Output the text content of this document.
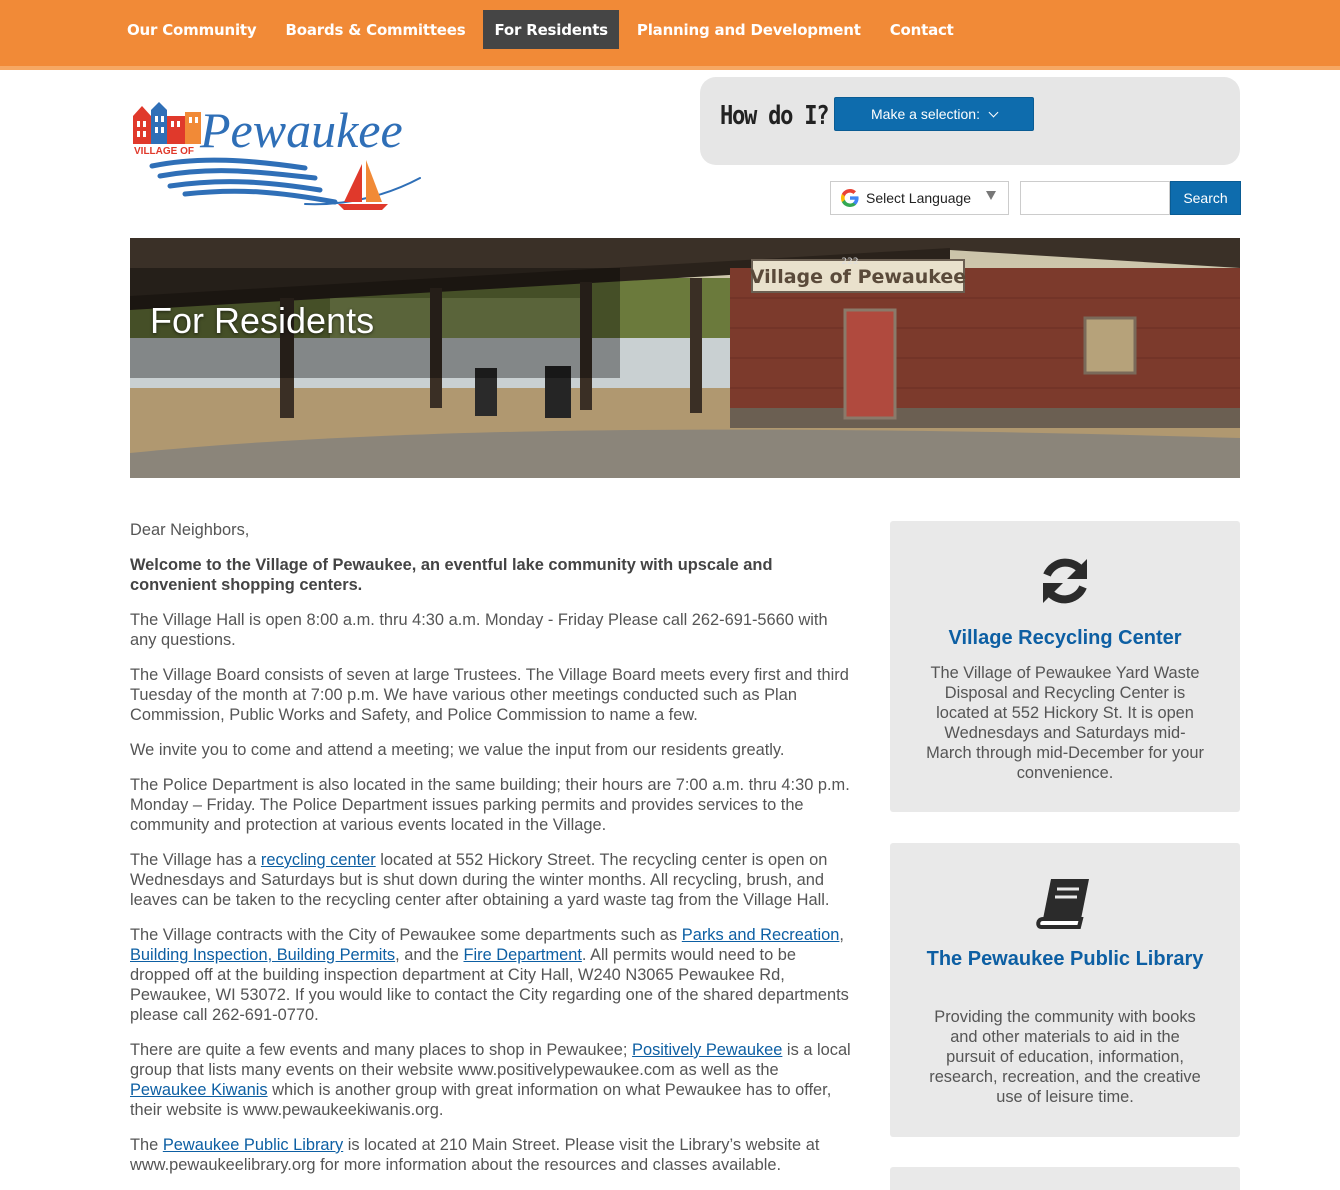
Our Community	Boards & Committees	For Residents	Planning and Development	Contact
VILLAGE OF Pewaukee	How do I?	Make a selection:
Select Language	Search
Village of Pewaukee
222
For Residents

Dear Neighbors,

Welcome to the Village of Pewaukee, an eventful lake community with upscale and convenient shopping centers.

The Village Hall is open 8:00 a.m. thru 4:30 a.m. Monday - Friday Please call 262-691-5660 with any questions.

The Village Board consists of seven at large Trustees. The Village Board meets every first and third Tuesday of the month at 7:00 p.m. We have various other meetings conducted such as Plan Commission, Public Works and Safety, and Police Commission to name a few.

We invite you to come and attend a meeting; we value the input from our residents greatly.

The Police Department is also located in the same building; their hours are 7:00 a.m. thru 4:30 p.m. Monday – Friday. The Police Department issues parking permits and provides services to the community and protection at various events located in the Village.

The Village has a recycling center located at 552 Hickory Street. The recycling center is open on Wednesdays and Saturdays but is shut down during the winter months. All recycling, brush, and leaves can be taken to the recycling center after obtaining a yard waste tag from the Village Hall.

The Village contracts with the City of Pewaukee some departments such as Parks and Recreation, Building Inspection, Building Permits, and the Fire Department. All permits would need to be dropped off at the building inspection department at City Hall, W240 N3065 Pewaukee Rd, Pewaukee, WI 53072. If you would like to contact the City regarding one of the shared departments please call 262-691-0770.

There are quite a few events and many places to shop in Pewaukee; Positively Pewaukee is a local group that lists many events on their website www.positivelypewaukee.com as well as the Pewaukee Kiwanis which is another group with great information on what Pewaukee has to offer, their website is www.pewaukeekiwanis.org.

The Pewaukee Public Library is located at 210 Main Street. Please visit the Library’s website at www.pewaukeelibrary.org for more information about the resources and classes available.

Village Recycling Center
The Village of Pewaukee Yard Waste Disposal and Recycling Center is located at 552 Hickory St. It is open Wednesdays and Saturdays mid-March through mid-December for your convenience.
The Pewaukee Public Library
Providing the community with books and other materials to aid in the pursuit of education, information, research, recreation, and the creative use of leisure time.
